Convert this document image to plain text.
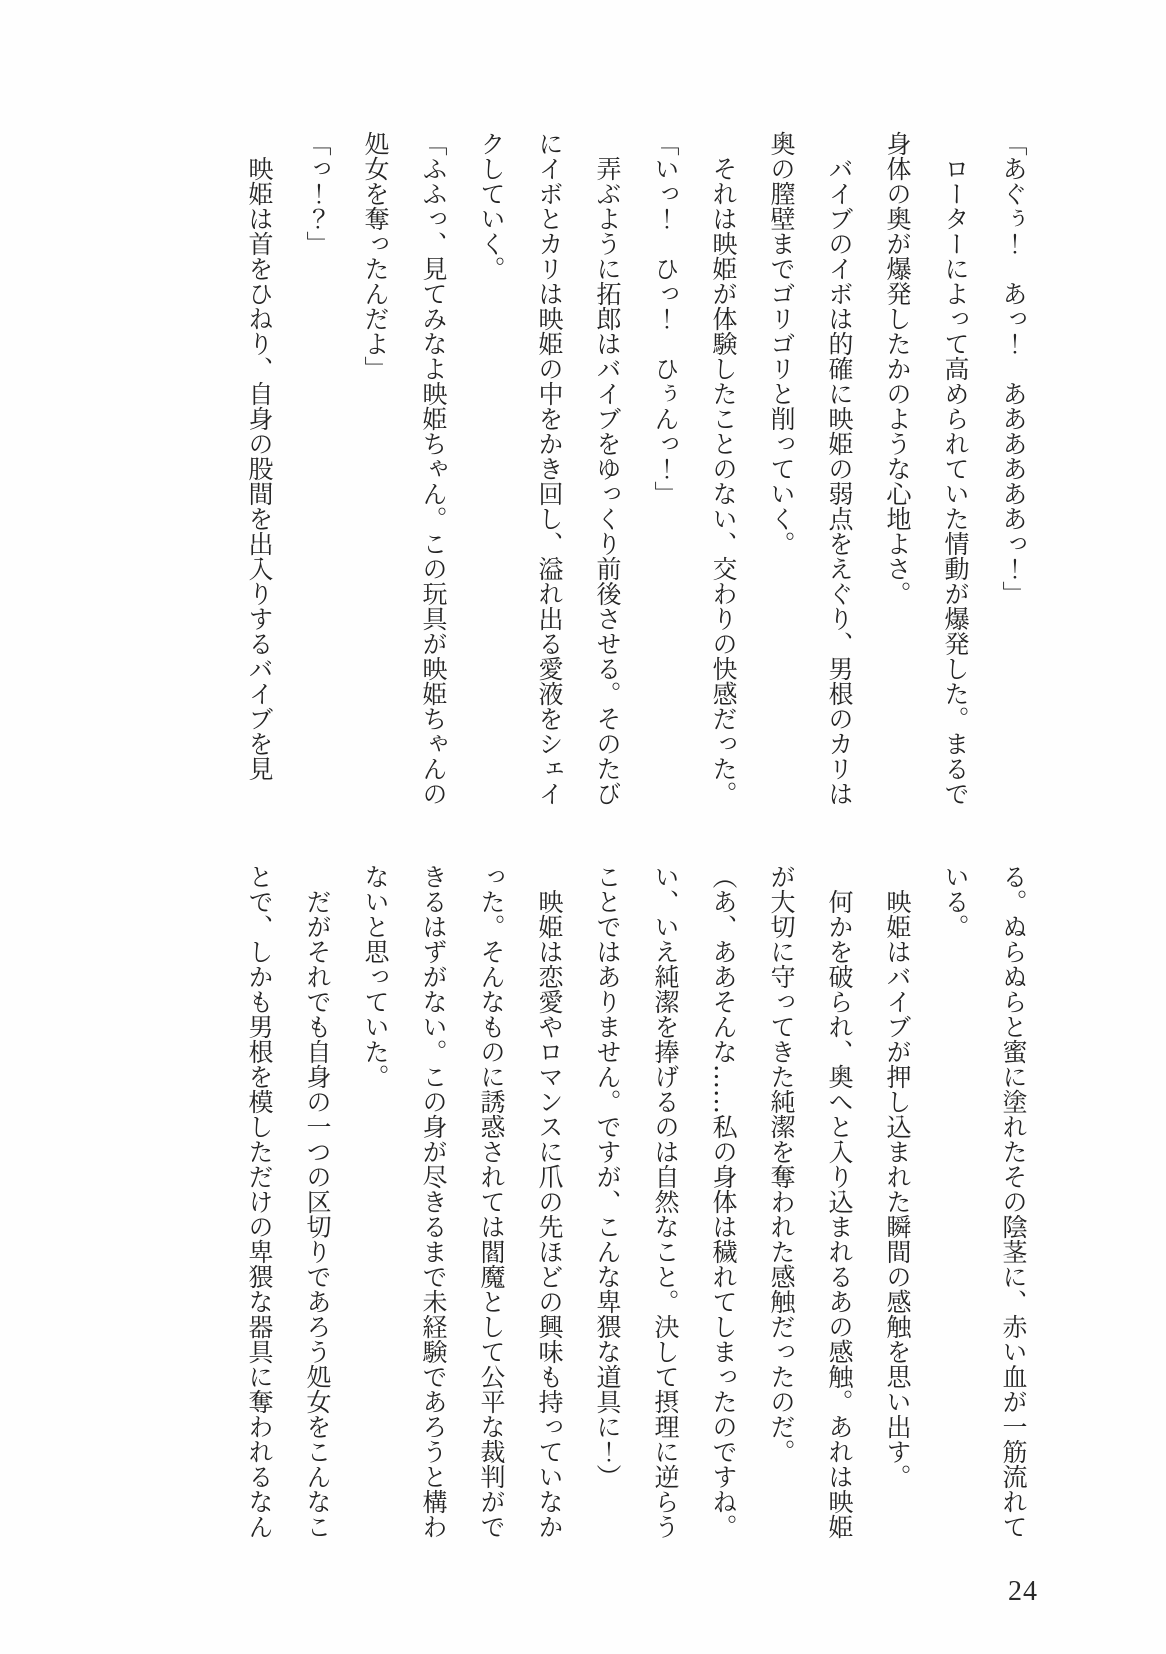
「あぐぅ！　あっ！　ああああああっ！」

ローターによって高められていた情動が爆発した。まるで身体の奥が爆発したかのような心地よさ。

バイブのイボは的確に映姫の弱点をえぐり、男根のカリは奥の膣壁までゴリゴリと削っていく。

それは映姫が体験したことのない、交わりの快感だった。

「いっ！　ひっ！　ひぅんっ！」

弄ぶように拓郎はバイブをゆっくり前後させる。そのたびにイボとカリは映姫の中をかき回し、溢れ出る愛液をシェイクしていく。

「ふふっ、見てみなよ映姫ちゃん。この玩具が映姫ちゃんの処女を奪ったんだよ」

「っ！？」

映姫は首をひねり、自身の股間を出入りするバイブを見

る。ぬらぬらと蜜に塗れたその陰茎に、赤い血が一筋流れている。

映姫はバイブが押し込まれた瞬間の感触を思い出す。

何かを破られ、奥へと入り込まれるあの感触。あれは映姫が大切に守ってきた純潔を奪われた感触だったのだ。

（あ、ああそんな……私の身体は穢れてしまったのですね。い、いえ純潔を捧げるのは自然なこと。決して摂理に逆らうことではありません。ですが、こんな卑猥な道具に！）

映姫は恋愛やロマンスに爪の先ほどの興味も持っていなかった。そんなものに誘惑されては閻魔として公平な裁判ができるはずがない。この身が尽きるまで未経験であろうと構わないと思っていた。

だがそれでも自身の一つの区切りであろう処女をこんなことで、しかも男根を模しただけの卑猥な器具に奪われるなん

24
